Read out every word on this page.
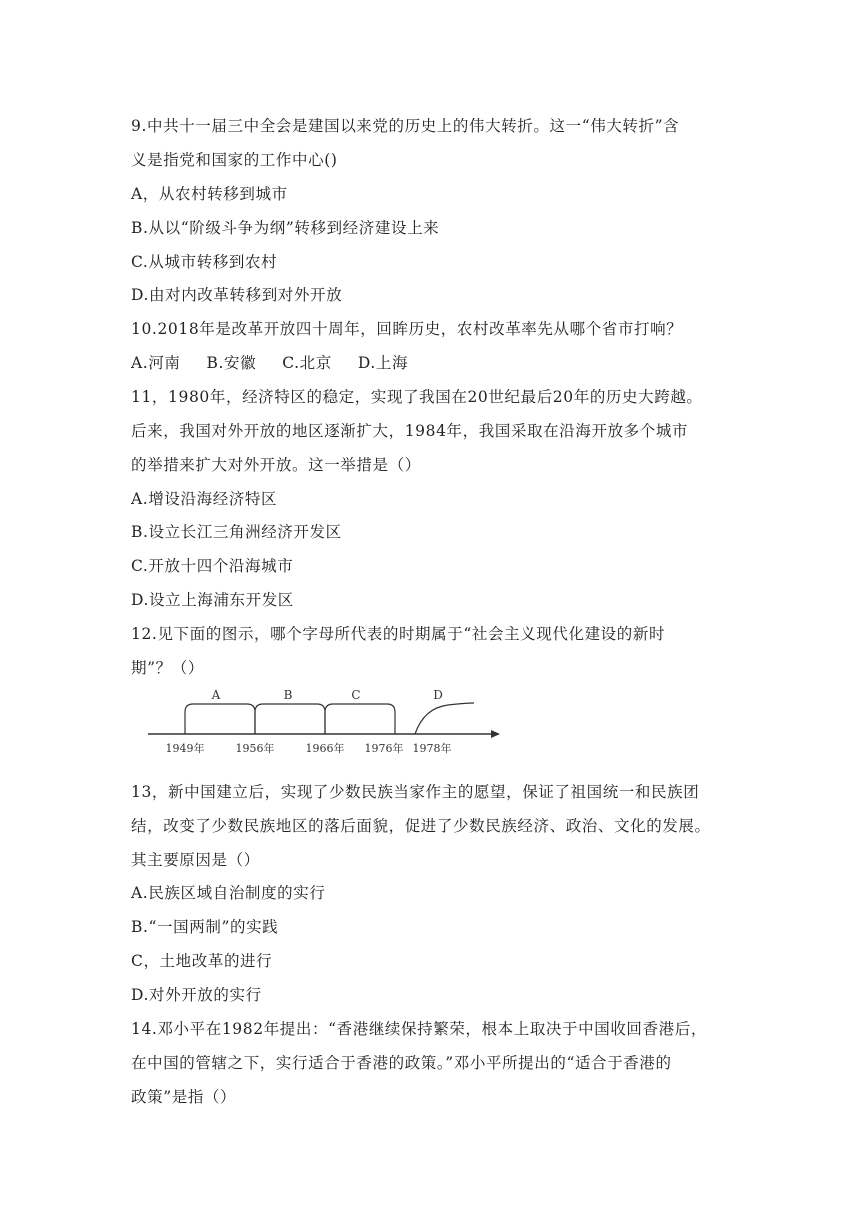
9.中共十一届三中全会是建国以来党的历史上的伟大转折。这一“伟大转折”含
义是指党和国家的工作中心()
A，从农村转移到城市
B.从以“阶级斗争为纲”转移到经济建设上来
C.从城市转移到农村
D.由对内改革转移到对外开放
10.2018年是改革开放四十周年，回眸历史，农村改革率先从哪个省市打响？
A.河南 B.安徽 C.北京 D.上海
11，1980年，经济特区的稳定，实现了我国在20世纪最后20年的历史大跨越。
后来，我国对外开放的地区逐渐扩大，1984年，我国采取在沿海开放多个城市
的举措来扩大对外开放。这一举措是（）
A.增设沿海经济特区
B.设立长江三角洲经济开发区
C.开放十四个沿海城市
D.设立上海浦东开发区
12.见下面的图示，哪个字母所代表的时期属于“社会主义现代化建设的新时
期”？（）
A	B	C	D
1949年	1956年	1966年 1976年 1978年
13，新中国建立后，实现了少数民族当家作主的愿望，保证了祖国统一和民族团
结，改变了少数民族地区的落后面貌，促进了少数民族经济、政治、文化的发展。
其主要原因是（）
A.民族区域自治制度的实行
B.“一国两制”的实践
C，土地改革的进行
D.对外开放的实行
14.邓小平在1982年提出：“香港继续保持繁荣，根本上取决于中国收回香港后，
在中国的管辖之下，实行适合于香港的政策。”邓小平所提出的“适合于香港的
政策”是指（）
